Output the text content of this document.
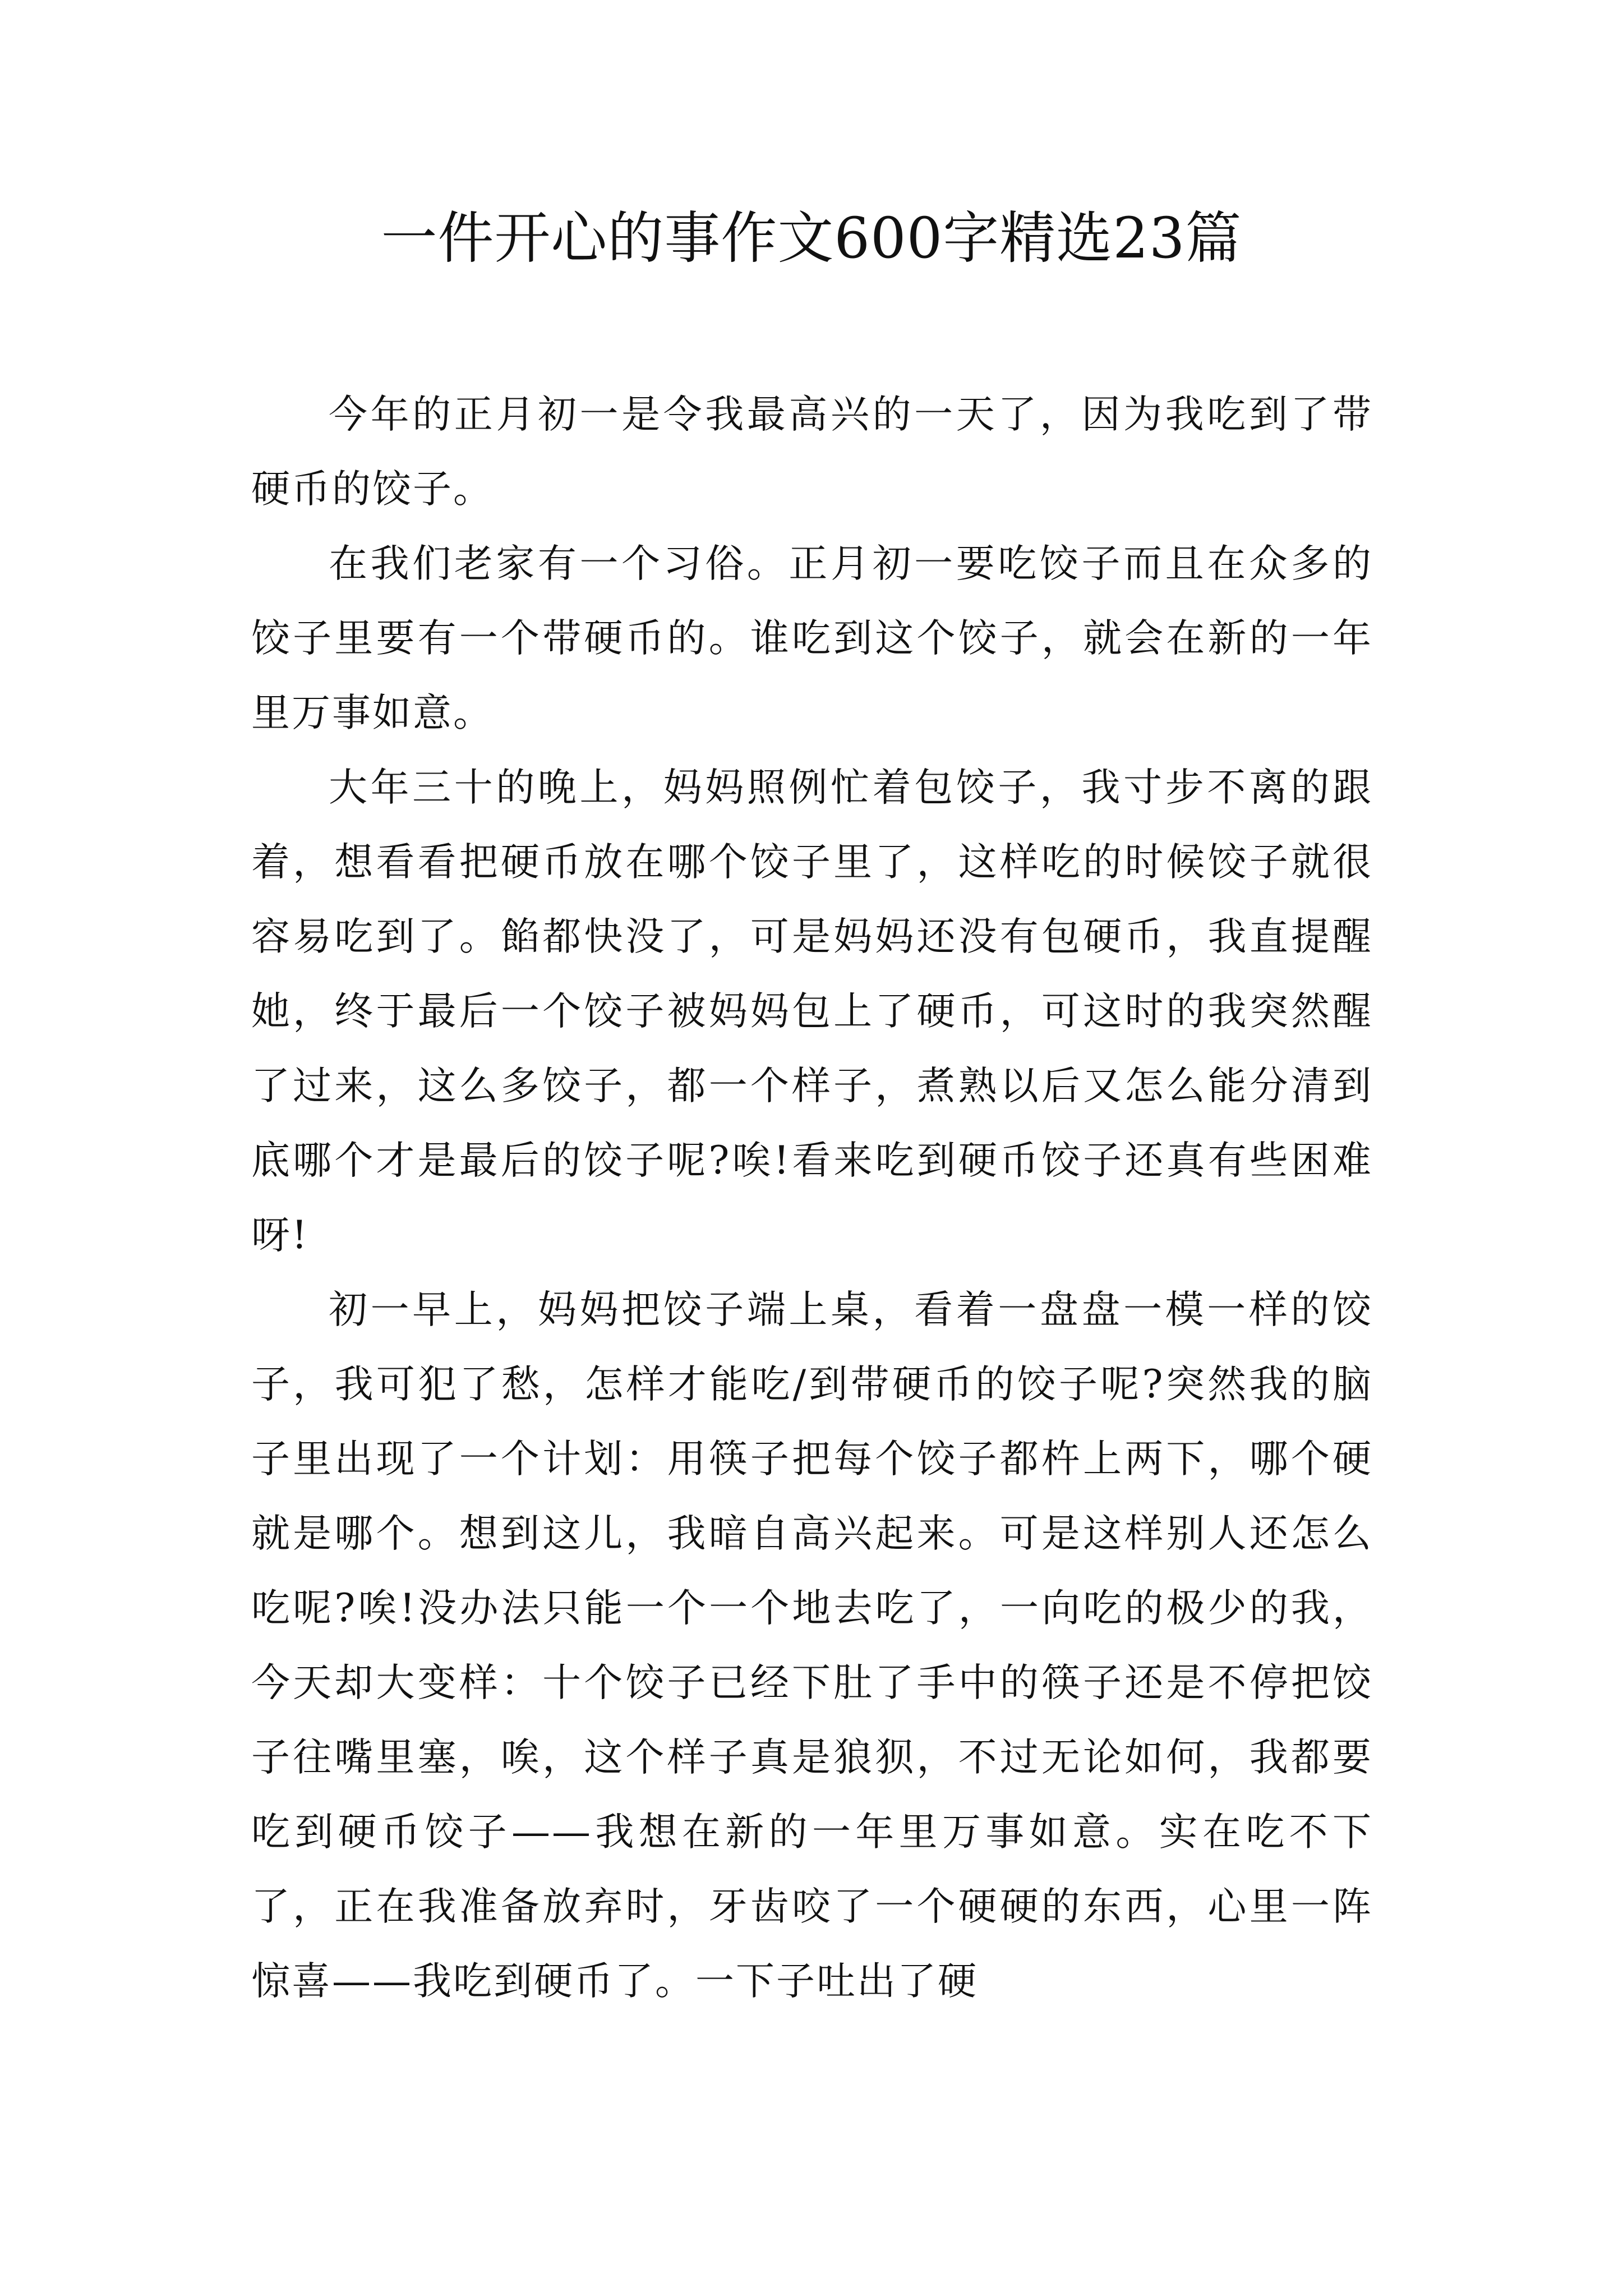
一件开心的事作文600字精选23篇

今年的正月初一是令我最高兴的一天了，因为我吃到了带硬币的饺子。

在我们老家有一个习俗。正月初一要吃饺子而且在众多的饺子里要有一个带硬币的。谁吃到这个饺子，就会在新的一年里万事如意。

大年三十的晚上，妈妈照例忙着包饺子，我寸步不离的跟着，想看看把硬币放在哪个饺子里了，这样吃的时候饺子就很容易吃到了。餡都快没了，可是妈妈还没有包硬币，我直提醒她，终于最后一个饺子被妈妈包上了硬币，可这时的我突然醒了过来，这么多饺子，都一个样子，煮熟以后又怎么能分清到底哪个才是最后的饺子呢?唉!看来吃到硬币饺子还真有些困难呀!

初一早上，妈妈把饺子端上桌，看着一盘盘一模一样的饺子，我可犯了愁，怎样才能吃/到带硬币的饺子呢?突然我的脑子里出现了一个计划：用筷子把每个饺子都杵上两下，哪个硬就是哪个。想到这儿，我暗自高兴起来。可是这样别人还怎么吃呢?唉!没办法只能一个一个地去吃了，一向吃的极少的我，今天却大变样：十个饺子已经下肚了手中的筷子还是不停把饺子往嘴里塞，唉，这个样子真是狼狈，不过无论如何，我都要吃到硬币饺子——我想在新的一年里万事如意。实在吃不下了，正在我准备放弃时，牙齿咬了一个硬硬的东西，心里一阵惊喜——我吃到硬币了。一下子吐出了硬
